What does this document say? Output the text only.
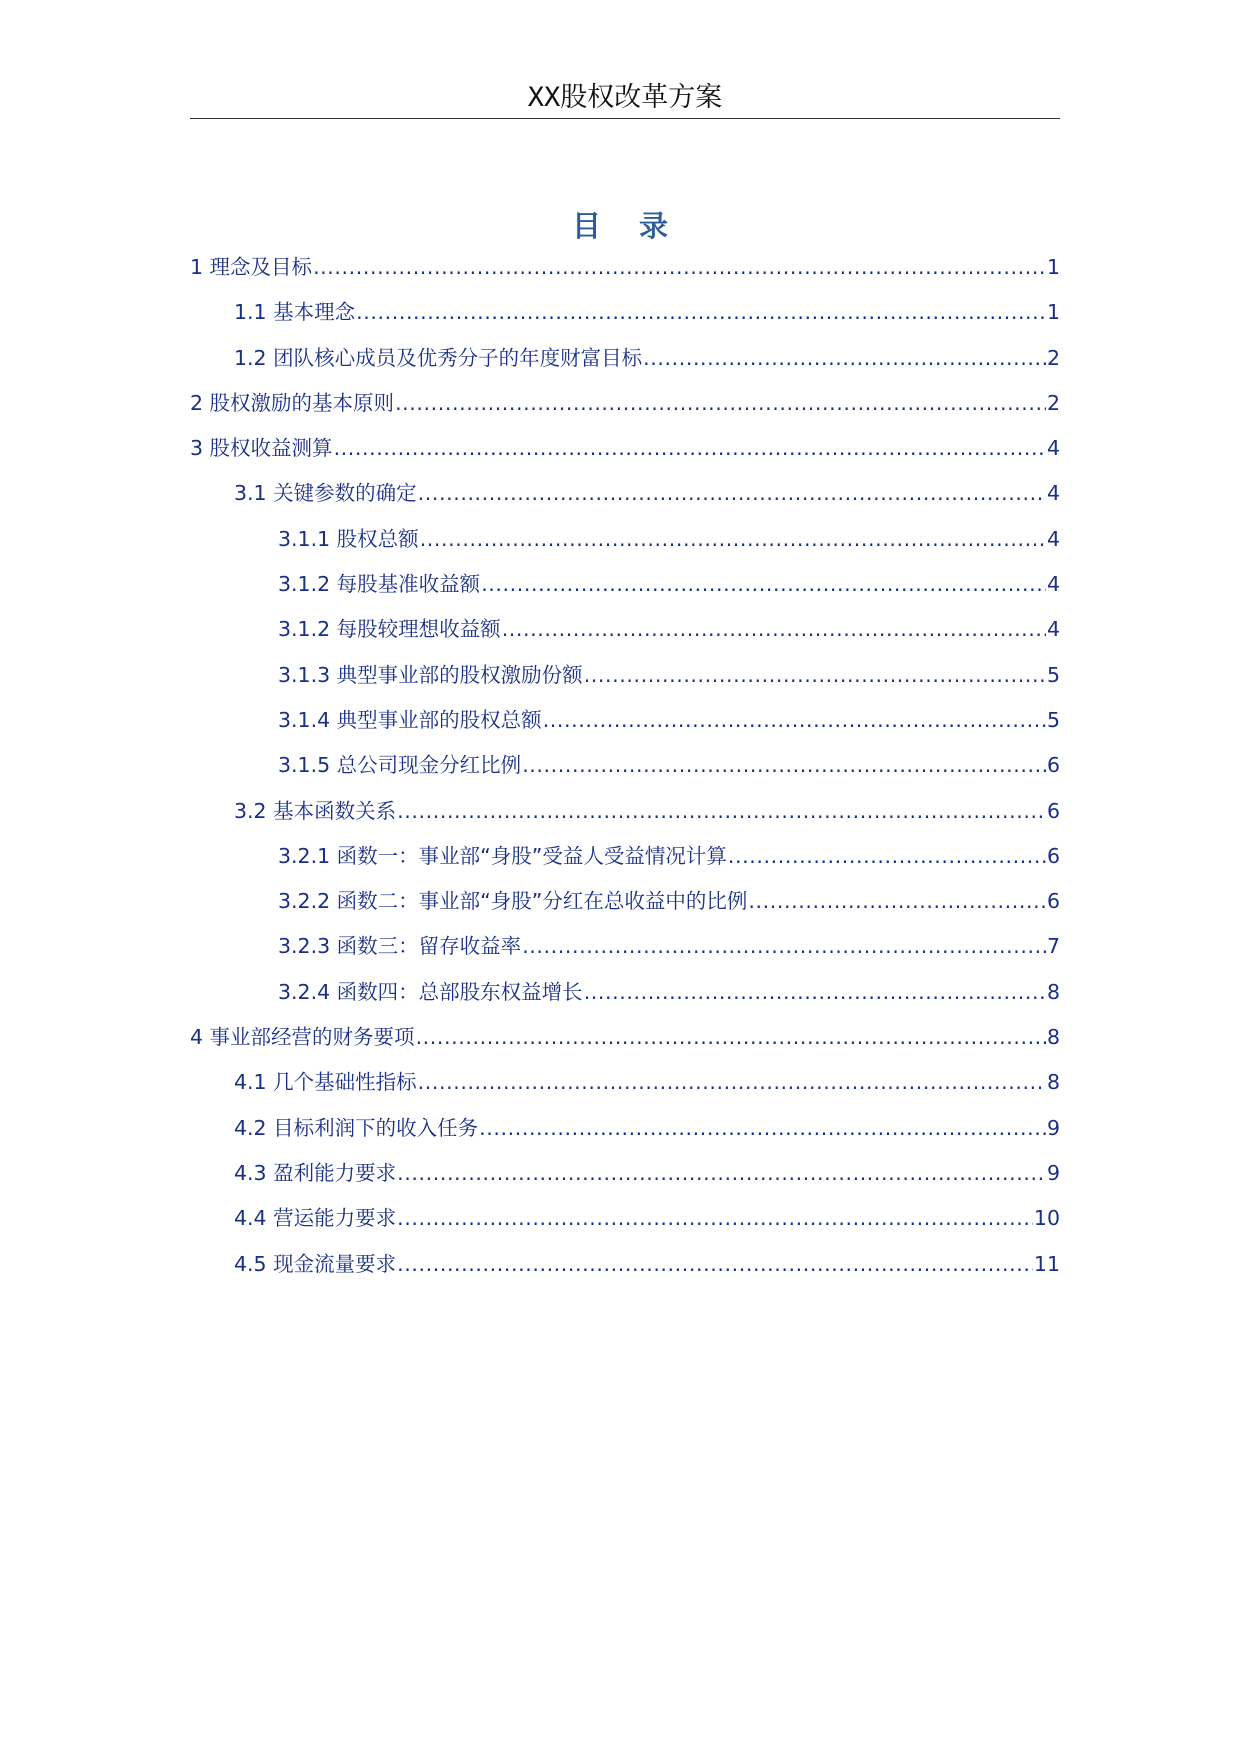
XX股权改革方案
目录
1 理念及目标 .....	1
1.1 基本理念 .....	1
1.2 团队核心成员及优秀分子的年度财富目标 .....	2
2 股权激励的基本原则 .....	2
3 股权收益测算 .....	4
3.1 关键参数的确定 .....	4
3.1.1 股权总额 .....	4
3.1.2 每股基准收益额 .....	4
3.1.2 每股较理想收益额 .....	4
3.1.3 典型事业部的股权激励份额 .....	5
3.1.4 典型事业部的股权总额 .....	5
3.1.5 总公司现金分红比例 .....	6
3.2 基本函数关系 .....	6
3.2.1 函数一：事业部“身股”受益人受益情况计算 .....	6
3.2.2 函数二：事业部“身股”分红在总收益中的比例 .....	6
3.2.3 函数三：留存收益率 .....	7
3.2.4 函数四：总部股东权益增长 .....	8
4 事业部经营的财务要项 .....	8
4.1 几个基础性指标 .....	8
4.2 目标利润下的收入任务 .....	9
4.3 盈利能力要求 .....	9
4.4 营运能力要求 .....	10
4.5 现金流量要求 .....	11
